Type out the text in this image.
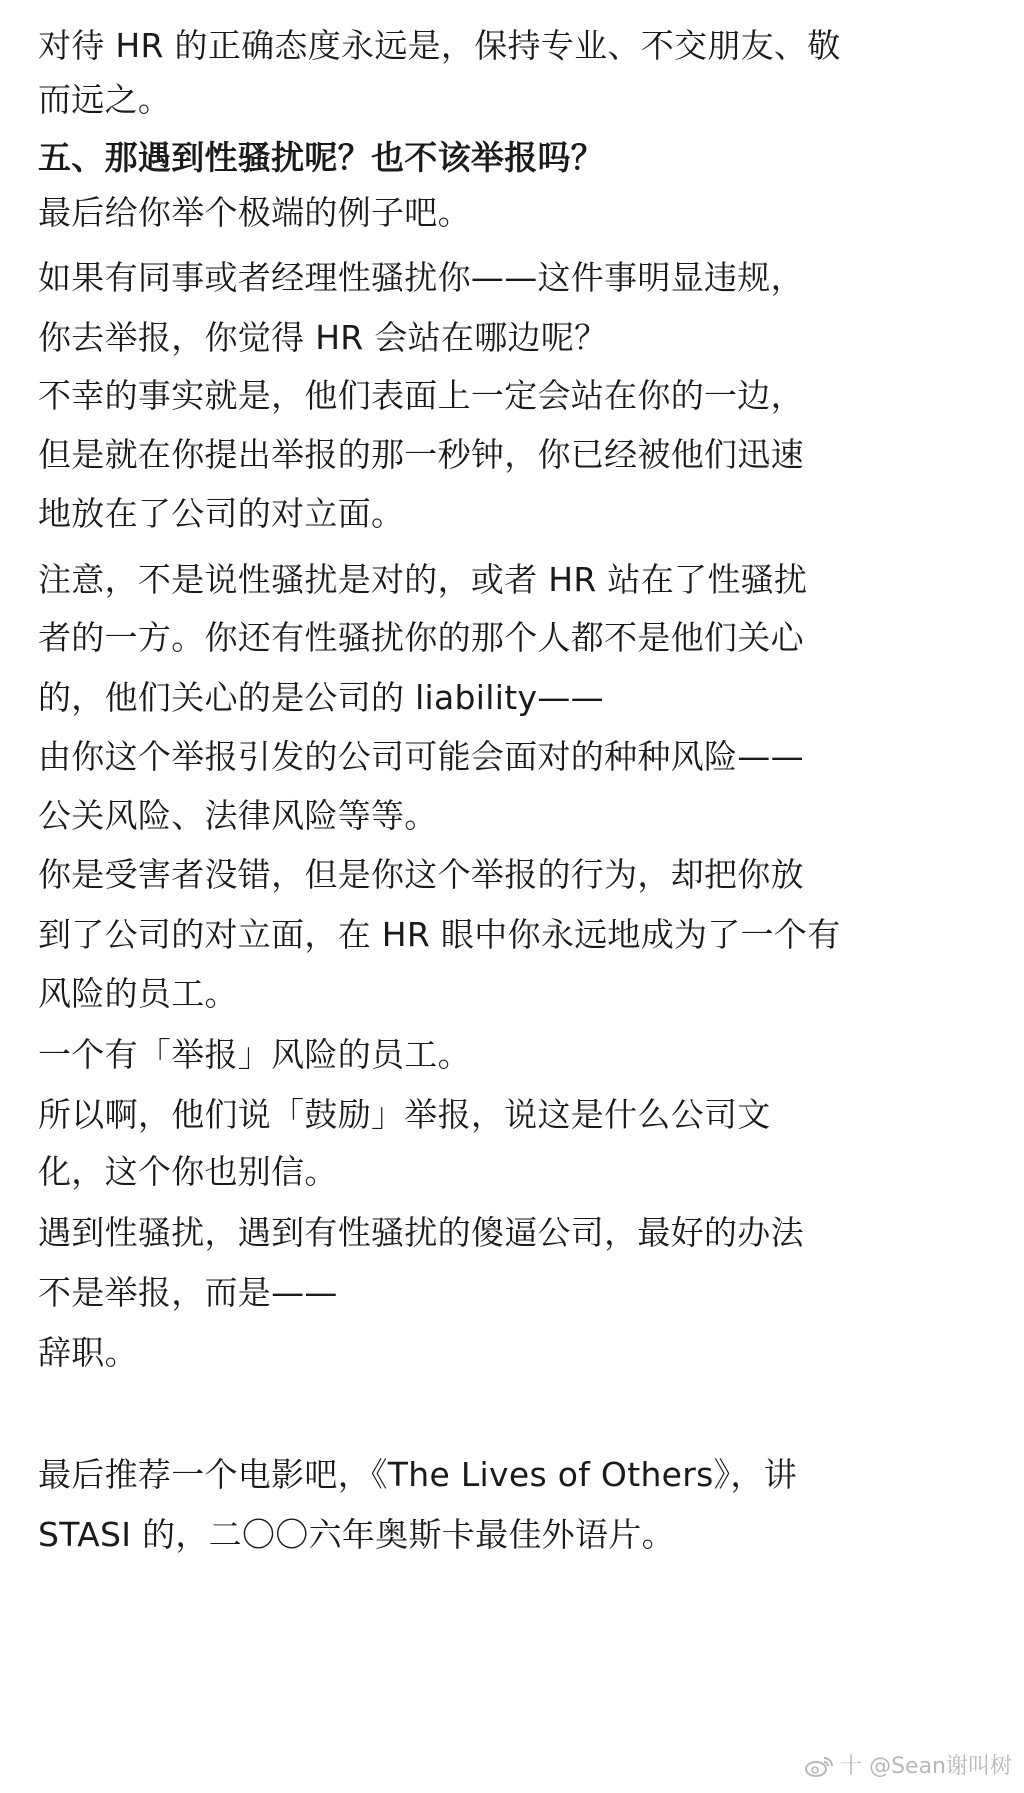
对待 HR 的正确态度永远是，保持专业、不交朋友、敬
而远之。
五、那遇到性骚扰呢？也不该举报吗？
最后给你举个极端的例子吧。
如果有同事或者经理性骚扰你——这件事明显违规，
你去举报，你觉得 HR 会站在哪边呢？
不幸的事实就是，他们表面上一定会站在你的一边，
但是就在你提出举报的那一秒钟，你已经被他们迅速
地放在了公司的对立面。
注意，不是说性骚扰是对的，或者 HR 站在了性骚扰
者的一方。你还有性骚扰你的那个人都不是他们关心
的，他们关心的是公司的 liability——
由你这个举报引发的公司可能会面对的种种风险——
公关风险、法律风险等等。
你是受害者没错，但是你这个举报的行为，却把你放
到了公司的对立面，在 HR 眼中你永远地成为了一个有
风险的员工。
一个有「举报」风险的员工。
所以啊，他们说「鼓励」举报，说这是什么公司文
化，这个你也别信。
遇到性骚扰，遇到有性骚扰的傻逼公司，最好的办法
不是举报，而是——
辞职。
最后推荐一个电影吧，《The Lives of Others》，讲
STASI 的，二〇〇六年奥斯卡最佳外语片。
十 @Sean谢叫树
